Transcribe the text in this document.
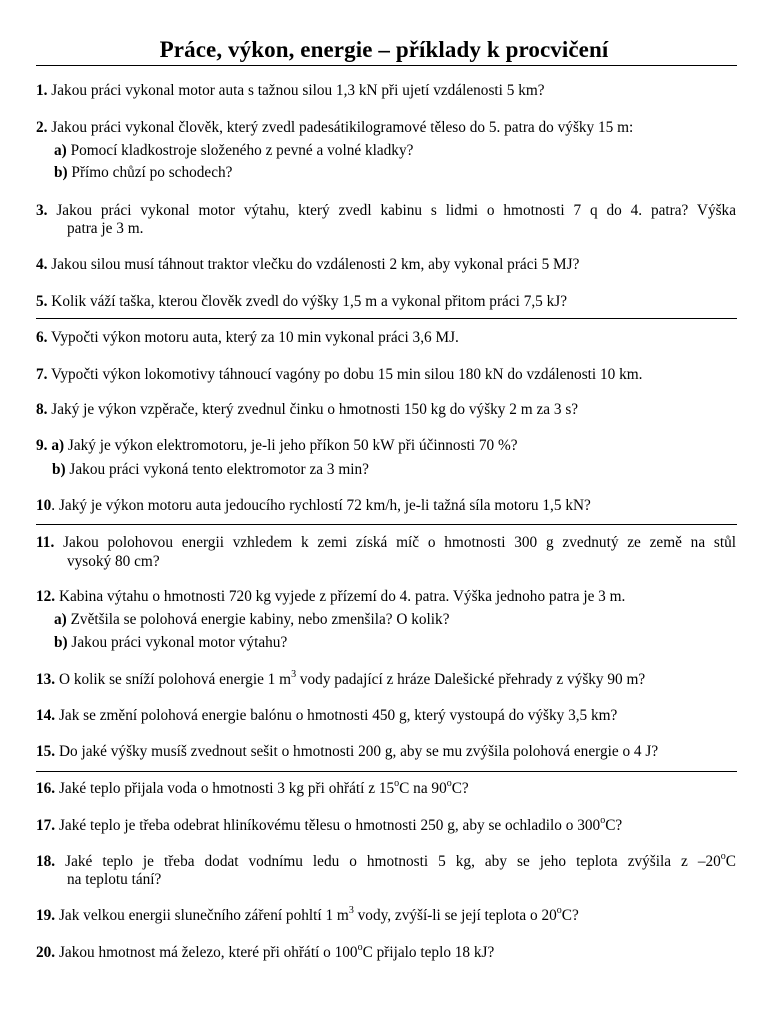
Práce, výkon, energie – příklady k procvičení
1. Jakou práci vykonal motor auta s tažnou silou 1,3 kN při ujetí vzdálenosti 5 km?
2. Jakou práci vykonal člověk, který zvedl padesátikilogramové těleso do 5. patra do výšky 15 m:
a) Pomocí kladkostroje složeného z pevné a volné kladky?
b) Přímo chůzí po schodech?
3. Jakou práci vykonal motor výtahu, který zvedl kabinu s lidmi o hmotnosti 7 q do 4. patra? Výška
patra je 3 m.
4. Jakou silou musí táhnout traktor vlečku do vzdálenosti 2 km, aby vykonal práci 5 MJ?
5. Kolik váží taška, kterou člověk zvedl do výšky 1,5 m a vykonal přitom práci 7,5 kJ?
6. Vypočti výkon motoru auta, který za 10 min vykonal práci 3,6 MJ.
7. Vypočti výkon lokomotivy táhnoucí vagóny po dobu 15 min silou 180 kN do vzdálenosti 10 km.
8. Jaký je výkon vzpěrače, který zvednul činku o hmotnosti 150 kg do výšky 2 m za 3 s?
9. a) Jaký je výkon elektromotoru, je-li jeho příkon 50 kW při účinnosti 70 %?
b) Jakou práci vykoná tento elektromotor za 3 min?
10. Jaký je výkon motoru auta jedoucího rychlostí 72 km/h, je-li tažná síla motoru 1,5 kN?
11. Jakou polohovou energii vzhledem k zemi získá míč o hmotnosti 300 g zvednutý ze země na stůl
vysoký 80 cm?
12. Kabina výtahu o hmotnosti 720 kg vyjede z přízemí do 4. patra. Výška jednoho patra je 3 m.
a) Zvětšila se polohová energie kabiny, nebo zmenšila? O kolik?
b) Jakou práci vykonal motor výtahu?
13. O kolik se sníží polohová energie 1 $m^3$ vody padající z hráze Dalešické přehrady z výšky 90 m?
14. Jak se změní polohová energie balónu o hmotnosti 450 g, který vystoupá do výšky 3,5 km?
15. Do jaké výšky musíš zvednout sešit o hmotnosti 200 g, aby se mu zvýšila polohová energie o 4 J?
16. Jaké teplo přijala voda o hmotnosti 3 kg při ohřátí z 15$^o$C na 90$^o$C?
17. Jaké teplo je třeba odebrat hliníkovému tělesu o hmotnosti 250 g, aby se ochladilo o 300$^o$C?
18. Jaké teplo je třeba dodat vodnímu ledu o hmotnosti 5 kg, aby se jeho teplota zvýšila z –20$^o$C
na teplotu tání?
19. Jak velkou energii slunečního záření pohltí 1 $m^3$ vody, zvýší-li se její teplota o 20$^o$C?
20. Jakou hmotnost má železo, které při ohřátí o 100$^o$C přijalo teplo 18 kJ?
